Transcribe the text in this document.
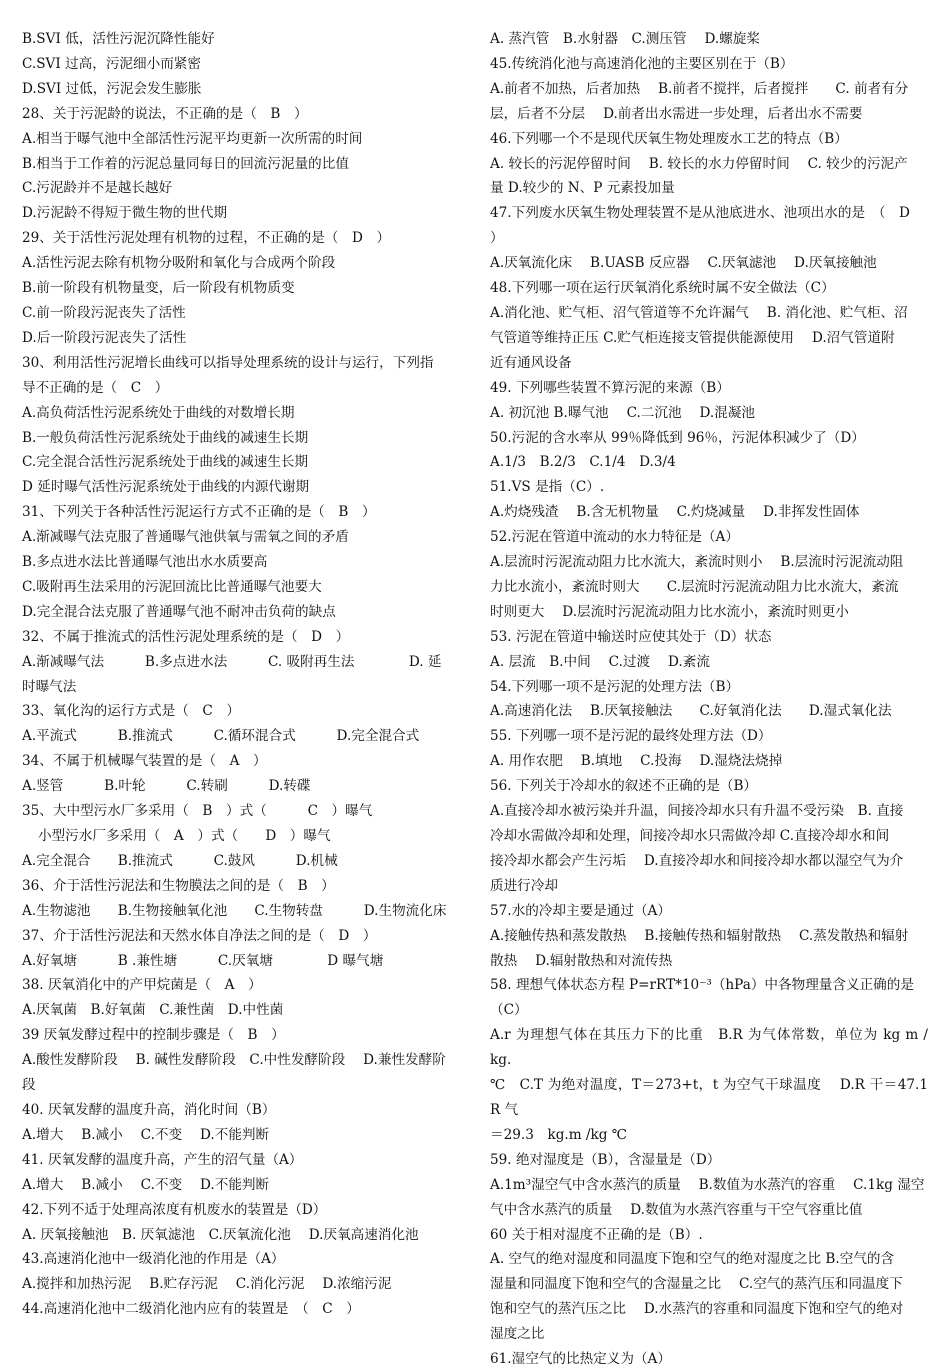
B.SVI 低，活性污泥沉降性能好
C.SVI 过高，污泥细小而紧密
D.SVI 过低，污泥会发生膨胀
28、关于污泥龄的说法，不正确的是（　B　）
A.相当于曝气池中全部活性污泥平均更新一次所需的时间
B.相当于工作着的污泥总量同每日的回流污泥量的比值
C.污泥龄并不是越长越好
D.污泥龄不得短于微生物的世代期
29、关于活性污泥处理有机物的过程，不正确的是（　D　）
A.活性污泥去除有机物分吸附和氧化与合成两个阶段
B.前一阶段有机物量变，后一阶段有机物质变
C.前一阶段污泥丧失了活性
D.后一阶段污泥丧失了活性
30、利用活性污泥增长曲线可以指导处理系统的设计与运行，下列指
导不正确的是（　C　）
A.高负荷活性污泥系统处于曲线的对数增长期
B.一般负荷活性污泥系统处于曲线的减速生长期
C.完全混合活性污泥系统处于曲线的减速生长期
D 延时曝气活性污泥系统处于曲线的内源代谢期
31、下列关于各种活性污泥运行方式不正确的是（　B　）
A.渐减曝气法克服了普通曝气池供氧与需氧之间的矛盾
B.多点进水法比普通曝气池出水水质要高
C.吸附再生法采用的污泥回流比比普通曝气池要大
D.完全混合法克服了普通曝气池不耐冲击负荷的缺点
32、不属于推流式的活性污泥处理系统的是（　D　）
A.渐减曝气法　　　B.多点进水法　　　C. 吸附再生法　　　　D. 延
时曝气法
33、氧化沟的运行方式是（　C　）
A.平流式　　　B.推流式　　　C.循环混合式　　　D.完全混合式
34、不属于机械曝气装置的是（　A　）
A.竖管　　　B.叶轮　　　C.转刷　　　D.转碟
35、大中型污水厂多采用（　B　）式（　　　C　）曝气
小型污水厂多采用（　A　）式（　　D　）曝气
A.完全混合　　B.推流式　　　C.鼓风　　　D.机械
36、介于活性污泥法和生物膜法之间的是（　B　）
A.生物滤池　　B.生物接触氧化池　　C.生物转盘　　　D.生物流化床
37、介于活性污泥法和天然水体自净法之间的是（　D　）
A.好氧塘　　　B .兼性塘　　　C.厌氧塘　　　　D 曝气塘
38. 厌氧消化中的产甲烷菌是（　A　）
A.厌氧菌　B.好氧菌　C.兼性菌　D.中性菌
39 厌氧发酵过程中的控制步骤是（　B　）
A.酸性发酵阶段　 B. 碱性发酵阶段　C.中性发酵阶段　 D.兼性发酵阶
段
40. 厌氧发酵的温度升高，消化时间（B）
A.增大　 B.减小　 C.不变　 D.不能判断
41. 厌氧发酵的温度升高，产生的沼气量（A）
A.增大　 B.减小　 C.不变　 D.不能判断
42.下列不适于处理高浓度有机废水的装置是（D）
A. 厌氧接触池　B. 厌氧滤池　C.厌氧流化池　 D.厌氧高速消化池
43.高速消化池中一级消化池的作用是（A）
A.搅拌和加热污泥　 B.贮存污泥　 C.消化污泥　 D.浓缩污泥
44.高速消化池中二级消化池内应有的装置是　（　C　）
A. 蒸汽管　B.水射器　C.测压管　 D.螺旋桨
45.传统消化池与高速消化池的主要区别在于（B）
A.前者不加热，后者加热　 B.前者不搅拌，后者搅拌　　C. 前者有分
层，后者不分层　 D.前者出水需进一步处理，后者出水不需要
46.下列哪一个不是现代厌氧生物处理废水工艺的特点（B）
A. 较长的污泥停留时间　 B. 较长的水力停留时间　 C. 较少的污泥产
量 D.较少的 N、P 元素投加量
47.下列废水厌氧生物处理装置不是从池底进水、池项出水的是　（　D
）
A.厌氧流化床　 B.UASB 反应器　 C.厌氧滤池　 D.厌氧接触池
48.下列哪一项在运行厌氧消化系统时属不安全做法（C）
A.消化池、贮气柜、沼气管道等不允许漏气　 B. 消化池、贮气柜、沼
气管道等维持正压 C.贮气柜连接支管提供能源使用　 D.沼气管道附
近有通风设备
49. 下列哪些装置不算污泥的来源（B）
A. 初沉池 B.曝气池　 C.二沉池　 D.混凝池
50.污泥的含水率从 99％降低到 96％，污泥体积减少了（D）
A.1/3　B.2/3　C.1/4　D.3/4
51.VS 是指（C）.
A.灼烧残渣　 B.含无机物量　 C.灼烧减量　 D.非挥发性固体
52.污泥在管道中流动的水力特征是（A）
A.层流时污泥流动阻力比水流大，紊流时则小　 B.层流时污泥流动阻
力比水流小，紊流时则大　　C.层流时污泥流动阻力比水流大，紊流
时则更大　 D.层流时污泥流动阻力比水流小，紊流时则更小
53. 污泥在管道中输送时应使其处于（D）状态
A. 层流　B.中间　 C.过渡　 D.紊流
54.下列哪一项不是污泥的处理方法（B）
A.高速消化法　 B.厌氧接触法　　C.好氧消化法　　D.湿式氧化法
55. 下列哪一项不是污泥的最终处理方法（D）
A. 用作农肥　 B.填地　 C.投海　 D.湿烧法烧掉
56. 下列关于冷却水的叙述不正确的是（B）
A.直接冷却水被污染并升温，间接冷却水只有升温不受污染　B. 直接
冷却水需做冷却和处理，间接冷却水只需做冷却 C.直接冷却水和间
接冷却水都会产生污垢　 D.直接冷却水和间接冷却水都以湿空气为介
质进行冷却
57.水的冷却主要是通过（A）
A.接触传热和蒸发散热　 B.接触传热和辐射散热　 C.蒸发散热和辐射
散热　 D.辐射散热和对流传热
58. 理想气体状态方程 P=rRT*10⁻³（hPa）中各物理量含义正确的是
（C）
A.r 为理想气体在其压力下的比重　B.R 为气体常数，单位为 kg m / kg.
℃　C.T 为绝对温度，T＝273+t，t 为空气干球温度　 D.R 干＝47.1　R 气
＝29.3　kg.m /kg ℃
59. 绝对湿度是（B），含湿量是（D）
A.1m³湿空气中含水蒸汽的质量　 B.数值为水蒸汽的容重　 C.1kg 湿空
气中含水蒸汽的质量　 D.数值为水蒸汽容重与干空气容重比值
60 关于相对湿度不正确的是（B）.
A. 空气的绝对湿度和同温度下饱和空气的绝对湿度之比 B.空气的含
湿量和同温度下饱和空气的含湿量之比　 C.空气的蒸汽压和同温度下
饱和空气的蒸汽压之比　 D.水蒸汽的容重和同温度下饱和空气的绝对
湿度之比
61.湿空气的比热定义为（A）
